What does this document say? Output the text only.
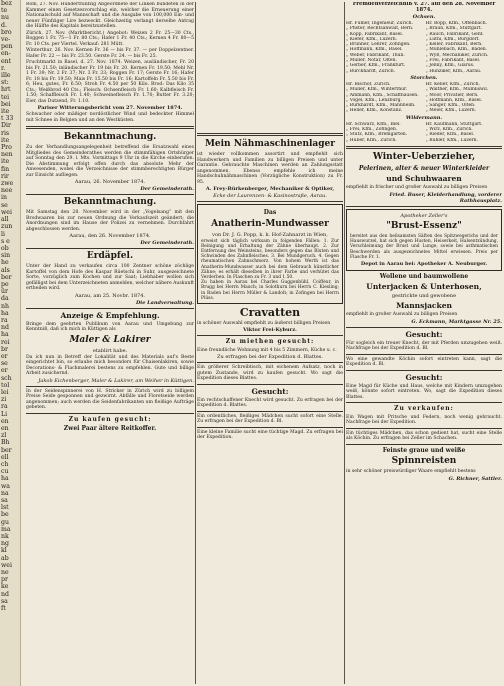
bez
te
nu
d.
bro
ve-
pen
en-
ent
r.
ille
st:
hrt
tei
bei
ite
t 33
Dir
ris
ite
Pro
nen
ite
fin
rir
zwe
nee
in
se
wei
all
zun
li
s e
ob
sin
he
als
ber
pe
ür
da
nh
ha
ra
nd
ha
rei
br
er
se
er
sch
tol
lei
zi
ra
Li
en
en
zl
Bh
ber
ell
ch
cu
ha
wa
na
sa
lst
be
gu
ma
nk
ng
kl
ab
wei
ne
pr
ke
nd
sa
ft

Rom, 27. Nov. Hundertfünfzig Abgeordnete der Linken bündeten in der Kammer einen Gesetzesvorschlag ein, welcher die Erneuerung einer Nationalschuld auf Mannschaft und die Ausgabe von 100,000 Ein- und neuer Fünfziger Lire bezweckt. Gleichzeitig verlangt derselbe Antrag die Hälfte des Kapitals bereitzustellen.

Zürich, 27. Nov. (Marktbericht.) Angebot: Weizen 2 Fr. 25—30 Cts., Roggen 1 Fr. 75—1 Fr. 80 Cts.; Hafer 1 Fr. 40 Cts.; Kernen 4 Fr. 80—5 Fr. 10 Cts. per Viertel. Verkauf: 281 Mütt.

Winterthur, 26. Nov. Kernen Fr. 36 — bis Fr. 37. — per Doppelzentner. Hafer Fr. 22 — bis Fr. 23.50. Gerste Fr. 24. — bis Fr. 25.

Fruchtmarkt in Basel, d. 27. Nov. 1874. Weizen, ausländischer, Fr. 20 bis Fr. 21.50; inländischer Fr. 19 bis Fr. 20. Kernen Fr. 19.50; Mehl Nr. 1 Fr. 39; Nr. 2 Fr. 37; Nr. 3 Fr. 33; Roggen Fr. 17; Gerste Fr. 16; Hafer Fr. 18 bis Fr. 19.50; Mais Fr. 15.50 bis Fr. 16; Kartoffeln Fr. 5.50 bis Fr. 6; Heu, gutes, Fr. 6.50; Stroh Fr. 4.50 per 50 Kilo. Brod: Das Kilo 35 Cts.; Weißbrod 40 Cts.; Fleisch: Ochsenfleisch Fr. 1.60; Kalbfleisch Fr. 1.50; Schaffleisch Fr. 1.40; Schweinefleisch Fr. 1.70; Butter Fr. 3.20; Eier, das Dutzend, Fr. 1.10.

Pariser Witterungsbericht vom 27. November 1874.

Schwacher oder mäßiger nordöstlicher Wind und bedeckter Himmel mit Schnee in Belgien und an den Westküsten.

Bekanntmachung.

Zu der Verhandlungsangelegenheit betreffend die Ersatzwahl eines Mitgliedes des Gemeinderathes werden die stimmfähigen Ortsbürger auf Sonntag den 29. l. Mts. Vormittags 9 Uhr in die Kirche einberufen. Die Abstimmung erfolgt offen durch das absolute Mehr der Anwesenden, wobei die Verzeichnisse der stimmberechtigten Bürger zur Einsicht aufliegen.

Aarau, 26. November 1874.
Der Gemeinderath.
Bekanntmachung.

Mit Samstag den 28. November wird in der „Vogelsang“ mit den Brodwaaren bis zur neuen Ordnung die Verkaufszeit geändert; die Anordnungen sind im Hause der Polizei zu vernehmen. Durchfahrt abgeschlossen werden.

Aarau, den 26. November 1874.
Der Gemeinderath.
Erdäpfel.

Unter der Hand zu verkaufen circa 100 Zentner schöne zöchlige Kartoffel von dem Hofe des Kaspar Rüetschi in Suhr, ausgezeichnete Sorte, vorzüglich zum Kochen und zur Saat; Liebhaber wollen sich gefälligst bei dem Unterzeichneten anmelden, welcher nähere Auskunft ertheilen wird.

Aarau, am 25. Novbr. 1874.
Die Landverwaltung.
Anzeige & Empfehlung.

Bringe dem geehrten Publikum von Aarau und Umgebung zur Kenntniß, daß ich mich in Küttigen als

Maler & Lakirer
etablirt habe.

Da ich nun in Betreff der Lokalität und des Materials auf's Beste eingerichtet bin, so erlaube mich besonders für Chaisenlakiren, sowie Decorations- & Flachmalerei bestens zu empfehlen. Gute und billige Arbeit zusichernd.

Jakob Eichenberger, Maler & Lakirer, am Weiher in Küttigen.

In der Seidenspinnerei von H. Stricker in Zürich wird zu billigem Preise Seide gesponnen und gezwirnt. Abfälle und Floretseide werden angenommen; auch werden die Seidenfabrikanten um fleißige Aufträge gebeten.

Zu kaufen gesucht:
Zwei Paar ältere Reitkoffer.
Mein Nähmaschinenlager

ist wieder vollkommen assortirt und empfiehlt sich Handwerkern und Familien zu billigen Preisen und unter Garantie. Gebrauchte Maschinen werden an Zahlungsstatt angenommen. Ebenso empfehle ich meine Handschuhnähmaschinen (Vorzügliche Konstruktion) zu Fr. 95.

A. Frey-Bürkenberger, Mechaniker & Optiker,
Ecke der Laurenzen- & Kasinostraße, Aarau.
Das
Anatherin-Mundwasser
von Dr. J. G. Popp, k. k. Hof-Zahnarzt in Wien,

erweist sich täglich wirksam in folgenden Fällen: 1. Zur Reinigung und Erhaltung der Zähne überhaupt. 2. Zur Entfernung des Weinsteins, besonders gegen das Bluten und Schwinden des Zahnfleisches. 3. Bei Mundgeruch. 4. Gegen rheumatischen Zahnschmerz. Von hohem Werth ist das Anatherin-Mundwasser auch bei dem Gebrauch künstlicher Zähne; es erhält dieselben in ihrer Farbe und verhütet das Verderben. In Flaschen zu Fr. 3 und 1.50.

Zu haben in Aarau bei Charles Guggenbühl, Coiffeur, in Brugg bei Herrn Mauch; in Solothurn bei Herrn C. Kiesling; in Baden bei Herrn Müller & Landolt; in Zofingen bei Herrn Plüss.

Cravatten

in schöner Auswahl empfiehlt zu äußerst billigen Preisen

Viktor Frei-Kyburz.
Zu miethen gesucht:

Eine freundliche Wohnung mit 4 bis 5 Zimmern, Küche u. c.

Zu erfragen bei der Expedition d. Blattes.

Ein größerer Schreibtisch, mit eichenem Aufsatz, noch in gutem Zustande, wird zu kaufen gesucht. Wo sagt die Expedition dieses Blattes.

Gesucht:

Ein rechtschaffener Knecht wird gesucht. Zu erfragen bei der Expedition d. Blattes.

Ein ordentliches, fleißiges Mädchen sucht sofort eine Stelle. Zu erfragen bei der Expedition d. Bl.

Eine kleine Familie sucht eine tüchtige Magd. Zu erfragen bei der Expedition.

Fremdenverzeichniß v. 27. auf den 28. November 1874.
Ochsen.
Hr. Fumer, Ingenieur, Zürich.
„ Pfister, Rechtsanwalt, Bern.
„ Kopp, Fabrikant, Basel.
„ Kiefer, Kfm., Luzern.
„ Brunner, Lehrer, Zofingen.
„ Hoffmann, Kfm., Basel.
„ Weber, Fabrikant, Thun.
„ Müller, Notar, Olten.
„ Gerber, Kfm., Frankfurt.
„ Burckhardt, Zürich.
Hr. Bopp, Kfm., Offenbach.
„ Braun, Kfm., Stuttgart.
„ Rauch, Fabrikant, Genf.
„ Lüthi, Kfm., Burgdorf.
„ Keller, Fabrikant, Bern.
„ Mühlebach, Kfm., Baden.
„ Wyß, Mechaniker, Zürich.
„ Frei, Fabrikant, Basel.
„ Jenny, Kfm., Glarus.
„ Hunziker, Kfm., Aarau.
Storchen.
Hr. Bischof, Zürich.
„ Müller, Kfm., Winterthur.
„ Ammann, Kfm., Schaffhausen.
„ Vogel, Kfm., Lenzburg.
„ Burkhardt, Kfm., Mannheim.
„ Heller, Kfm., Konstanz.
Hr. Keller, Kfm., Zürich.
„ Walther, Kfm., Mümliswil.
„ Moor, Privatier, Bern.
„ Hoffmann, Kfm., Basel.
„ Sänger, Kfm., Olten.
„ Meier, Kfm., Luzern.
Wildermann.
Hr. Schwarz, Kfm., Biel.
„ Frei, Kfm., Zofingen.
„ Stutz, Kfm., Bremgarten.
„ Huber, Kfm., Zürich.
Hr. Kaufmann, Stuttgart.
„ Wirz, Kfm., Zürich.
„ Rieder, Kfm., Basel.
„ Bühler, Kfm., Luzern.
Winter-Ueberzieher,
Pelerinen, alter & neuer Winterkleider
und Schuhwaaren

empfiehlt in frischer und großer Auswahl zu billigen Preisen

Fried. Buser, Kleiderhandlung, vorderer Rathhausplatz.
Apotheker Zeller's
"Brust-Essenz"

bereitet aus den heilsamsten Säften des Spitzwegerichs und der Hauswurzel, hat sich gegen Husten, Heiserkeit, Halsentzündung, Verschleimung der Brust und Lunge, sowie bei asthmatischen Beschwerden als ausgezeichnetes Mittel erwiesen. Preis per Flasche Fr. 1.

Depot in Aarau bei: Apotheker A. Neuburger.
Wollene und baumwollene
Unterjacken & Unterhosen,
gestrickte und gewobene
Mannsjacken

empfiehlt in großer Auswahl zu billigen Preisen

G. Eckmann, Marktgasse Nr. 25.
Gesucht:

Für sogleich ein treuer Knecht, der mit Pferden umzugehen weiß. Nachfrage bei der Expedition d. Bl.

Wo eine gewandte Köchin sofort eintreten kann, sagt die Expedition d. Bl.

Gesucht:

Eine Magd für Küche und Haus, welche mit Kindern umzugehen weiß, könnte sofort eintreten. Wo, sagt die Expedition dieses Blattes.

Zu verkaufen:

Ein Wagen mit Pritsche und Federn, noch wenig gebraucht. Nachfrage bei der Expedition.

Ein tüchtiges Mädchen, das schon gedient hat, sucht eine Stelle als Köchin. Zu erfragen bei Zeller im Schachen.

Feinste graue und weiße
Spinnreisten

in sehr schöner preiswürdiger Waare empfiehlt bestens

G. Richner, Sattler.
